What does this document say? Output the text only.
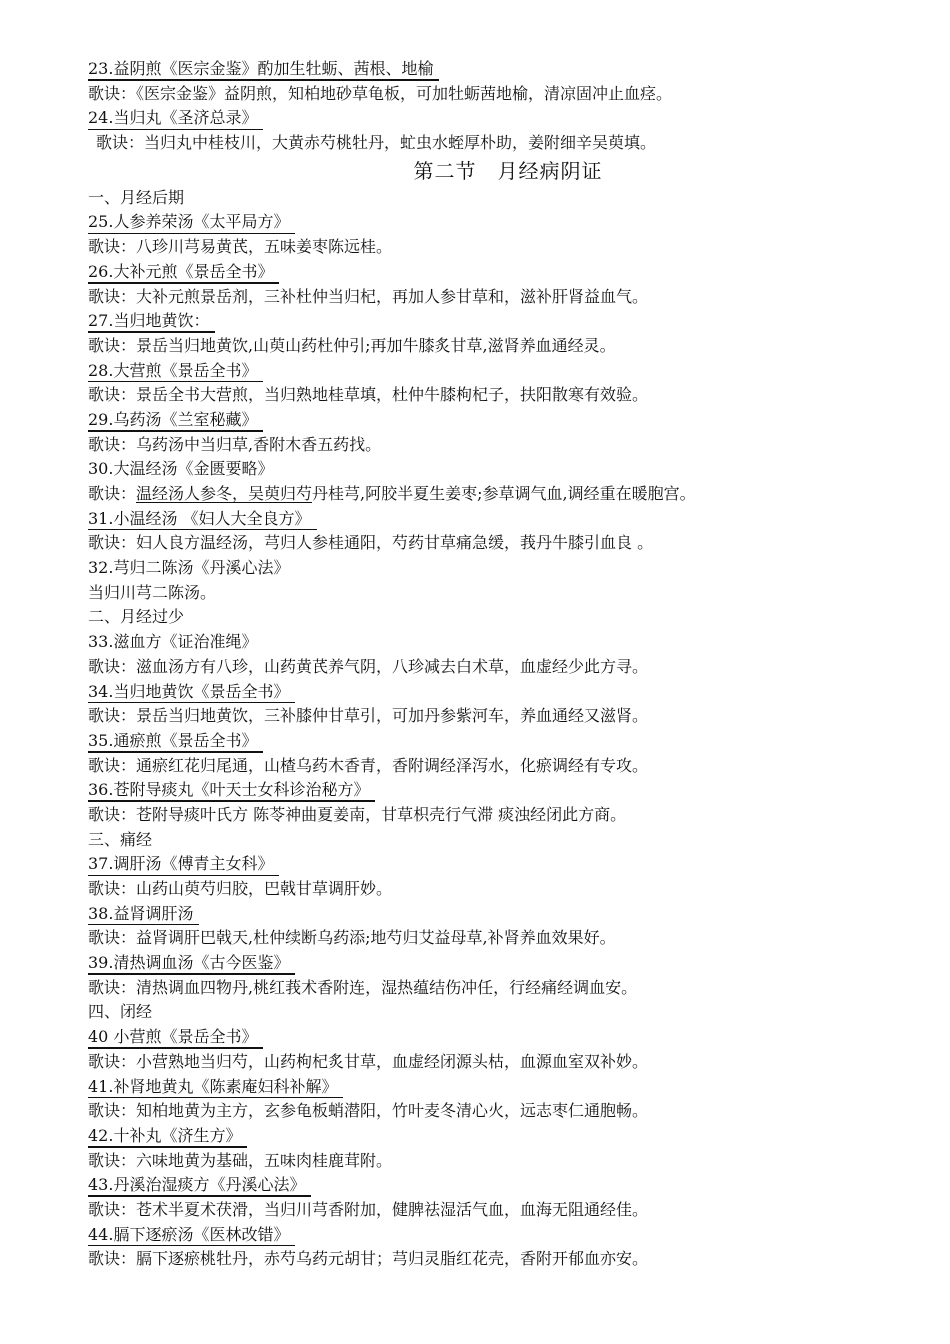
23.益阴煎《医宗金鉴》酌加生牡蛎、茜根、地榆
歌诀：《医宗金鉴》益阴煎，知柏地砂草龟板，可加牡蛎茜地榆，清凉固冲止血痉。
24.当归丸《圣济总录》
歌诀：当归丸中桂枝川，大黄赤芍桃牡丹，虻虫水蛭厚朴助，姜附细辛吴萸填。
第二节　月经病阴证
一、月经后期
25.人参养荣汤《太平局方》
歌诀：八珍川芎易黄芪，五味姜枣陈远桂。
26.大补元煎《景岳全书》
歌诀：大补元煎景岳剂，三补杜仲当归杞，再加人参甘草和，滋补肝肾益血气。
27.当归地黄饮：
歌诀：景岳当归地黄饮,山萸山药杜仲引;再加牛膝炙甘草,滋肾养血通经灵。
28.大营煎《景岳全书》
歌诀：景岳全书大营煎，当归熟地桂草填，杜仲牛膝枸杞子，扶阳散寒有效验。
29.乌药汤《兰室秘藏》
歌诀：乌药汤中当归草,香附木香五药找。
30.大温经汤《金匮要略》
歌诀：温经汤人参冬，吴萸归芍丹桂芎,阿胶半夏生姜枣;参草调气血,调经重在暖胞宫。
31.小温经汤 《妇人大全良方》
歌诀：妇人良方温经汤，芎归人参桂通阳，芍药甘草痛急缓，莪丹牛膝引血良 。
32.芎归二陈汤《丹溪心法》
当归川芎二陈汤。
二、月经过少
33.滋血方《证治准绳》
歌诀：滋血汤方有八珍，山药黄芪养气阴，八珍减去白术草，血虚经少此方寻。
34.当归地黄饮《景岳全书》
歌诀：景岳当归地黄饮，三补膝仲甘草引，可加丹参紫河车，养血通经又滋肾。
35.通瘀煎《景岳全书》
歌诀：通瘀红花归尾通，山楂乌药木香青，香附调经泽泻水，化瘀调经有专攻。
36.苍附导痰丸《叶天士女科诊治秘方》
歌诀：苍附导痰叶氏方 陈苓神曲夏姜南，甘草枳壳行气滞 痰浊经闭此方商。
三、痛经
37.调肝汤《傅青主女科》
歌诀：山药山萸芍归胶，巴戟甘草调肝妙。
38.益肾调肝汤
歌诀：益肾调肝巴戟天,杜仲续断乌药添;地芍归艾益母草,补肾养血效果好。
39.清热调血汤《古今医鉴》
歌诀：清热调血四物丹,桃红莪术香附连，湿热蕴结伤冲任，行经痛经调血安。
四、闭经
40 小营煎《景岳全书》
歌诀：小营熟地当归芍，山药枸杞炙甘草，血虚经闭源头枯，血源血室双补妙。
41.补肾地黄丸《陈素庵妇科补解》
歌诀：知柏地黄为主方，玄参龟板蛸潜阳，竹叶麦冬清心火，远志枣仁通胞畅。
42.十补丸《济生方》
歌诀：六味地黄为基础，五味肉桂鹿茸附。
43.丹溪治湿痰方《丹溪心法》
歌诀：苍术半夏术茯滑，当归川芎香附加，健脾祛湿活气血，血海无阻通经佳。
44.膈下逐瘀汤《医林改错》
歌诀：膈下逐瘀桃牡丹，赤芍乌药元胡甘；芎归灵脂红花壳，香附开郁血亦安。
